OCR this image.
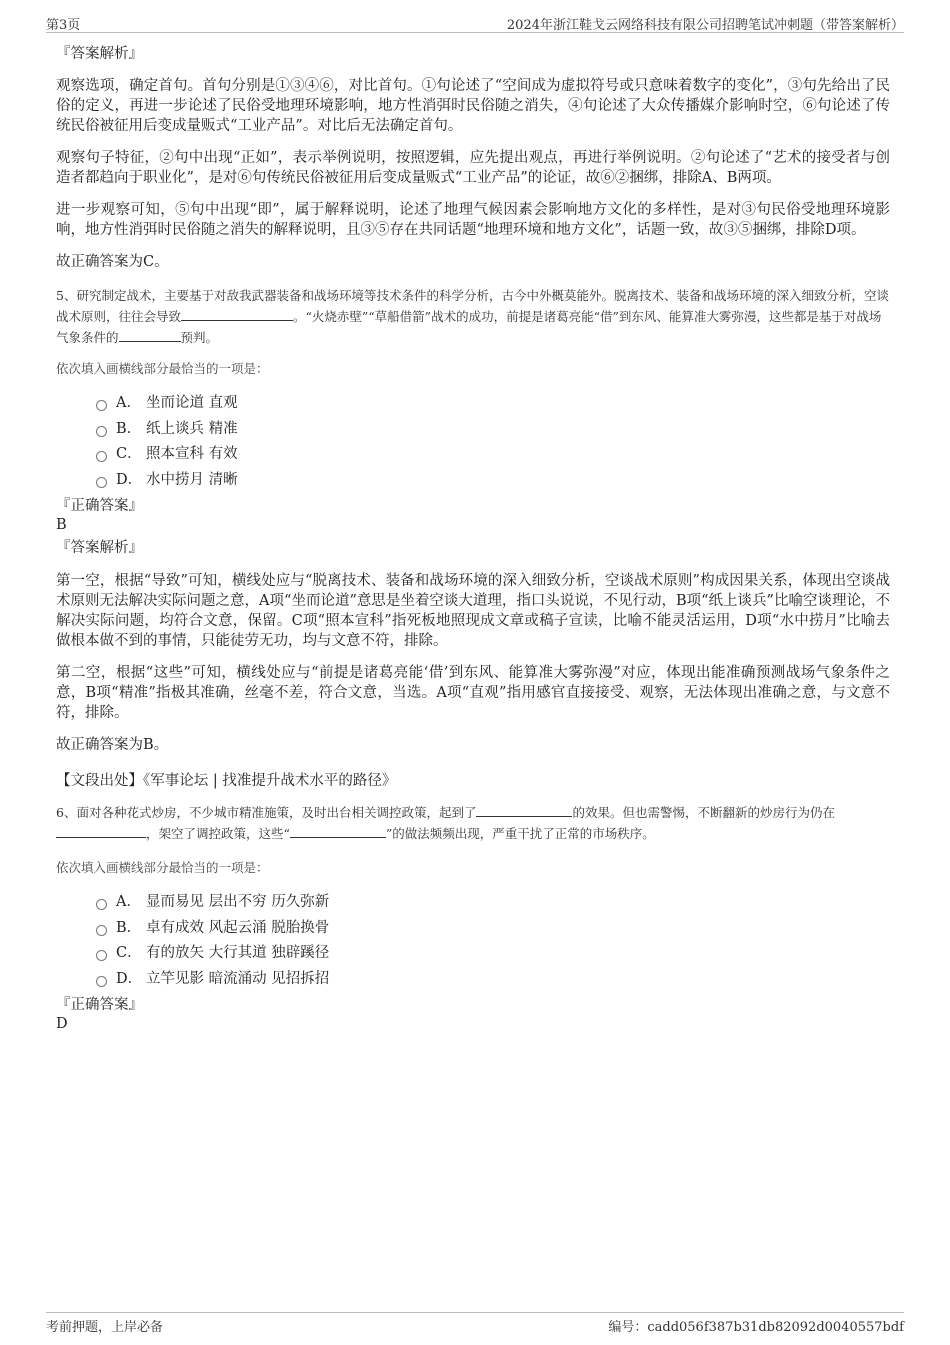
第3页	2024年浙江鞋戈云网络科技有限公司招聘笔试冲刺题（带答案解析）

『答案解析』

观察选项，确定首句。首句分别是①③④⑥，对比首句。①句论述了“空间成为虚拟符号或只意味着数字的变化”，③句先给出了民俗的定义，再进一步论述了民俗受地理环境影响，地方性消弭时民俗随之消失，④句论述了大众传播媒介影响时空，⑥句论述了传统民俗被征用后变成量贩式“工业产品”。对比后无法确定首句。

观察句子特征，②句中出现“正如”，表示举例说明，按照逻辑，应先提出观点，再进行举例说明。②句论述了“艺术的接受者与创造者都趋向于职业化”，是对⑥句传统民俗被征用后变成量贩式“工业产品”的论证，故⑥②捆绑，排除A、B两项。

进一步观察可知，⑤句中出现“即”，属于解释说明，论述了地理气候因素会影响地方文化的多样性，是对③句民俗受地理环境影响，地方性消弭时民俗随之消失的解释说明，且③⑤存在共同话题“地理环境和地方文化”，话题一致，故③⑤捆绑，排除D项。

故正确答案为C。

5、研究制定战术，主要基于对敌我武器装备和战场环境等技术条件的科学分析，古今中外概莫能外。脱离技术、装备和战场环境的深入细致分析，空谈战术原则，往往会导致	。“火烧赤壁”“草船借箭”战术的成功，前提是诸葛亮能“借”到东风、能算准大雾弥漫，这些都是基于对战场气象条件的	预判。

依次填入画横线部分最恰当的一项是：

A． 坐而论道 直观
B． 纸上谈兵 精准
C． 照本宣科 有效
D． 水中捞月 清晰

『正确答案』

B

『答案解析』

第一空，根据“导致”可知，横线处应与“脱离技术、装备和战场环境的深入细致分析，空谈战术原则”构成因果关系，体现出空谈战术原则无法解决实际问题之意，A项“坐而论道”意思是坐着空谈大道理，指口头说说，不见行动，B项“纸上谈兵”比喻空谈理论，不解决实际问题，均符合文意，保留。C项“照本宣科”指死板地照现成文章或稿子宣读，比喻不能灵活运用，D项“水中捞月”比喻去做根本做不到的事情，只能徒劳无功，均与文意不符，排除。

第二空，根据“这些”可知，横线处应与“前提是诸葛亮能‘借’到东风、能算准大雾弥漫”对应，体现出能准确预测战场气象条件之意，B项“精准”指极其准确，丝毫不差，符合文意，当选。A项“直观”指用感官直接接受、观察，无法体现出准确之意，与文意不符，排除。

故正确答案为B。

【文段出处】《军事论坛 | 找准提升战术水平的路径》

6、面对各种花式炒房，不少城市精准施策，及时出台相关调控政策，起到了	的效果。但也需警惕，不断翻新的炒房行为仍在
，架空了调控政策，这些“	”的做法频频出现，严重干扰了正常的市场秩序。

依次填入画横线部分最恰当的一项是：

A． 显而易见 层出不穷 历久弥新
B． 卓有成效 风起云涌 脱胎换骨
C． 有的放矢 大行其道 独辟蹊径
D． 立竿见影 暗流涌动 见招拆招

『正确答案』

D

考前押题，上岸必备	编号：cadd056f387b31db82092d0040557bdf
